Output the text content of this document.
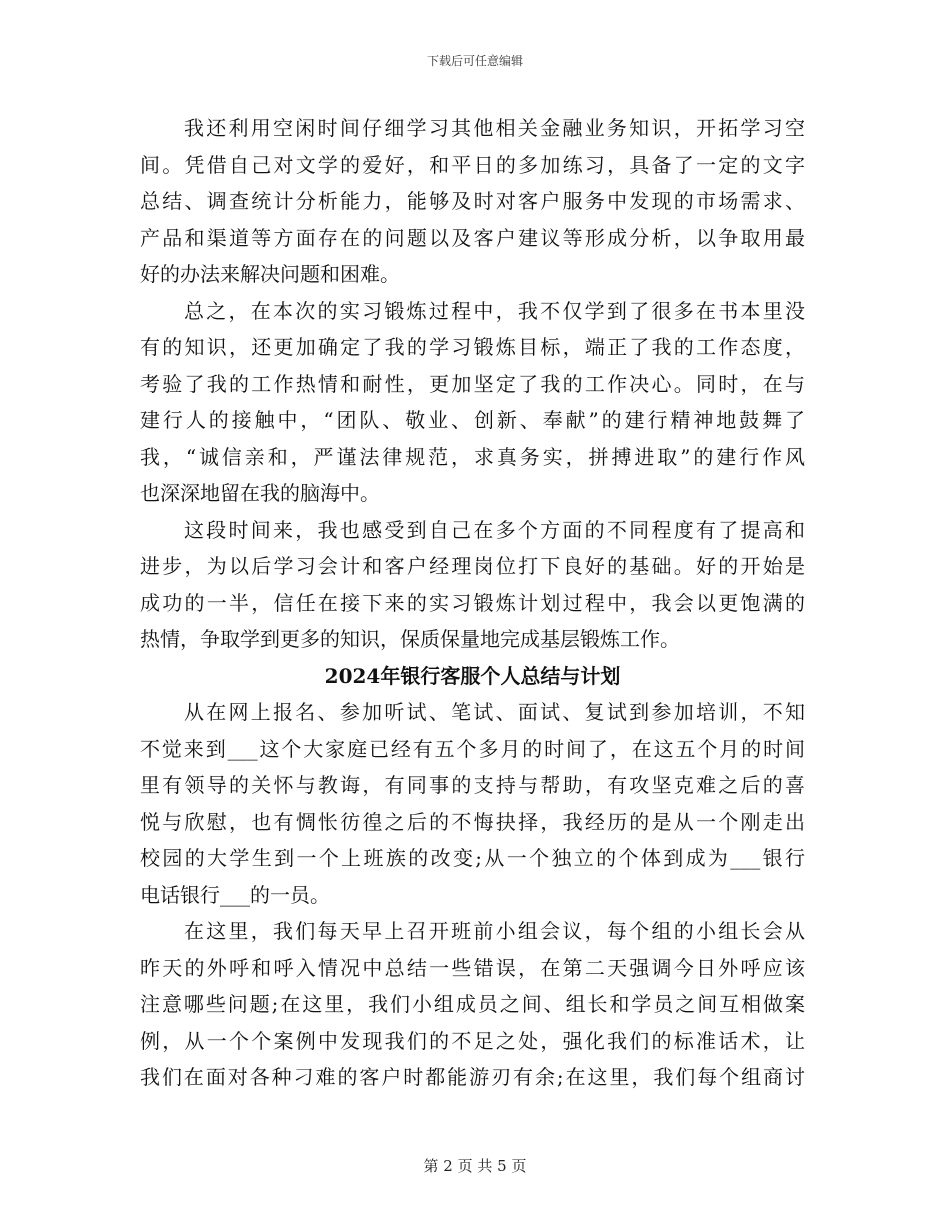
下载后可任意编辑
我还利用空闲时间仔细学习其他相关金融业务知识，开拓学习空
间。凭借自己对文学的爱好，和平日的多加练习，具备了一定的文字
总结、调查统计分析能力，能够及时对客户服务中发现的市场需求、
产品和渠道等方面存在的问题以及客户建议等形成分析，以争取用最
好的办法来解决问题和困难。
总之，在本次的实习锻炼过程中，我不仅学到了很多在书本里没
有的知识，还更加确定了我的学习锻炼目标，端正了我的工作态度，
考验了我的工作热情和耐性，更加坚定了我的工作决心。同时，在与
建行人的接触中，“团队、敬业、创新、奉献”的建行精神地鼓舞了
我，“诚信亲和，严谨法律规范，求真务实，拼搏进取”的建行作风
也深深地留在我的脑海中。
这段时间来，我也感受到自己在多个方面的不同程度有了提高和
进步，为以后学习会计和客户经理岗位打下良好的基础。好的开始是
成功的一半，信任在接下来的实习锻炼计划过程中，我会以更饱满的
热情，争取学到更多的知识，保质保量地完成基层锻炼工作。
2024年银行客服个人总结与计划
从在网上报名、参加听试、笔试、面试、复试到参加培训，不知
不觉来到___这个大家庭已经有五个多月的时间了，在这五个月的时间
里有领导的关怀与教诲，有同事的支持与帮助，有攻坚克难之后的喜
悦与欣慰，也有惆怅彷徨之后的不悔抉择，我经历的是从一个刚走出
校园的大学生到一个上班族的改变;从一个独立的个体到成为___银行
电话银行___的一员。
在这里，我们每天早上召开班前小组会议，每个组的小组长会从
昨天的外呼和呼入情况中总结一些错误，在第二天强调今日外呼应该
注意哪些问题;在这里，我们小组成员之间、组长和学员之间互相做案
例，从一个个案例中发现我们的不足之处，强化我们的标准话术，让
我们在面对各种刁难的客户时都能游刃有余;在这里，我们每个组商讨
第 2 页 共 5 页
